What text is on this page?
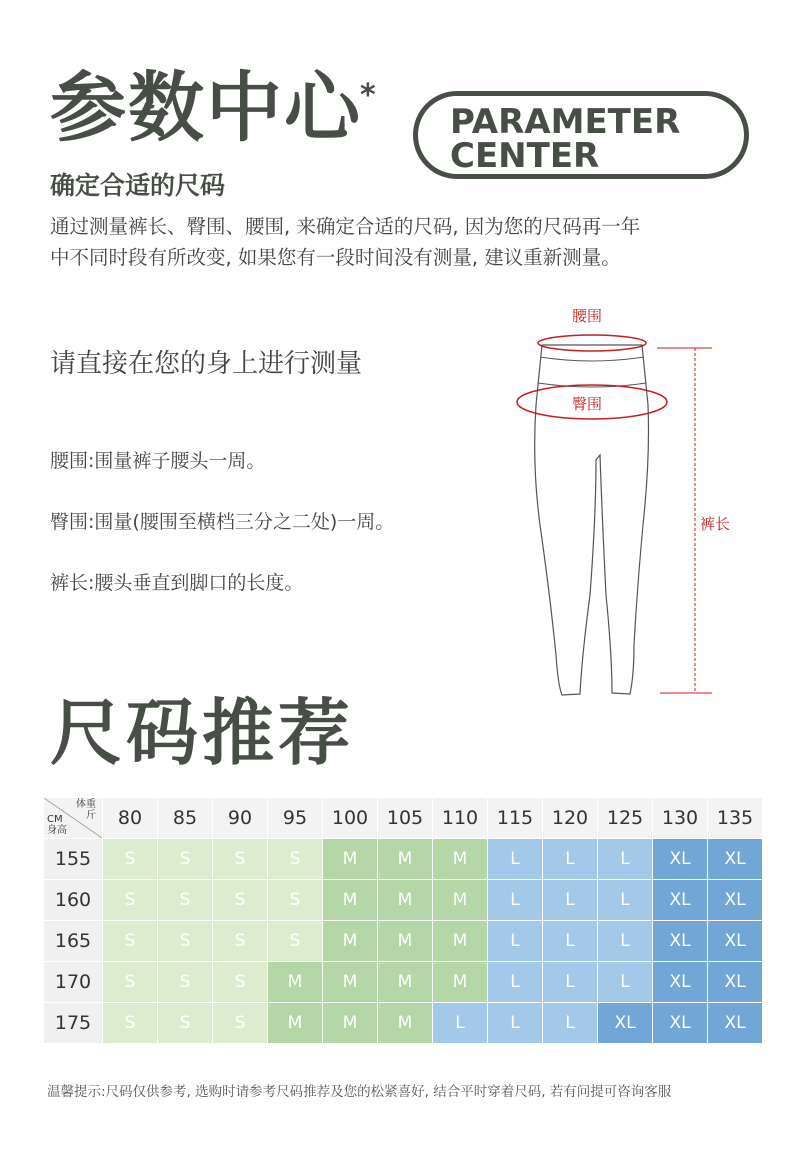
参数中心
*
PARAMETER
CENTER
确定合适的尺码
通过测量裤长、臀围、腰围, 来确定合适的尺码, 因为您的尺码再一年
中不同时段有所改变, 如果您有一段时间没有测量, 建议重新测量。
请直接在您的身上进行测量
腰围:围量裤子腰头一周。
臀围:围量(腰围至横档三分之二处)一周。
裤长:腰头垂直到脚口的长度。
腰围
臀围
裤长
尺码推荐
体重
斤
CM
身高	80	85	90	95	100	105	110	115	120	125	130	135
155	S	S	S	S	M	M	M	L	L	L	XL	XL
160	S	S	S	S	M	M	M	L	L	L	XL	XL
165	S	S	S	S	M	M	M	L	L	L	XL	XL
170	S	S	S	M	M	M	M	L	L	L	XL	XL
175	S	S	S	M	M	M	L	L	L	XL	XL	XL
温馨提示:尺码仅供参考, 选购时请参考尺码推荐及您的松紧喜好, 结合平时穿着尺码, 若有问提可咨询客服
